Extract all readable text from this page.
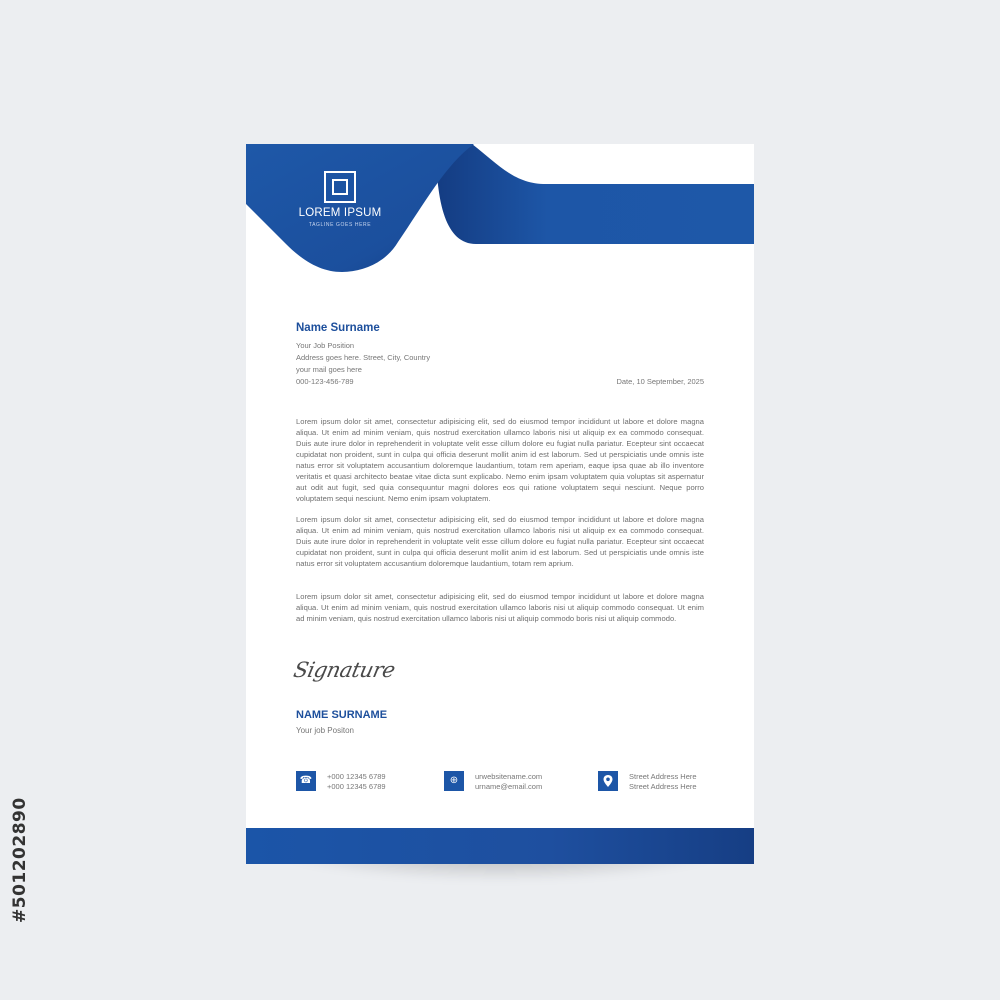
#501202890
LOREM IPSUM
TAGLINE GOES HERE
Name Surname
Your Job Position
Address goes here. Street, City, Country
your mail goes here
000-123-456-789	Date, 10 September, 2025

Lorem ipsum dolor sit amet, consectetur adipisicing elit, sed do eiusmod tempor incididunt ut labore et dolore magna aliqua. Ut enim ad minim veniam, quis nostrud exercitation ullamco laboris nisi ut aliquip ex ea commodo consequat. Duis aute irure dolor in reprehenderit in voluptate velit esse cillum dolore eu fugiat nulla pariatur. Ecepteur sint occaecat cupidatat non proident, sunt in culpa qui officia deserunt mollit anim id est laborum. Sed ut perspiciatis unde omnis iste natus error sit voluptatem accusantium doloremque laudantium, totam rem aperiam, eaque ipsa quae ab illo inventore veritatis et quasi architecto beatae vitae dicta sunt explicabo. Nemo enim ipsam voluptatem quia voluptas sit aspernatur aut odit aut fugit, sed quia consequuntur magni dolores eos qui ratione voluptatem sequi nesciunt. Neque porro voluptatem sequi nesciunt. Nemo enim ipsam voluptatem.

Lorem ipsum dolor sit amet, consectetur adipisicing elit, sed do eiusmod tempor incididunt ut labore et dolore magna aliqua. Ut enim ad minim veniam, quis nostrud exercitation ullamco laboris nisi ut aliquip ex ea commodo consequat. Duis aute irure dolor in reprehenderit in voluptate velit esse cillum dolore eu fugiat nulla pariatur. Ecepteur sint occaecat cupidatat non proident, sunt in culpa qui officia deserunt mollit anim id est laborum. Sed ut perspiciatis unde omnis iste natus error sit voluptatem accusantium doloremque laudantium, totam rem aprium.

Lorem ipsum dolor sit amet, consectetur adipisicing elit, sed do eiusmod tempor incididunt ut labore et dolore magna aliqua. Ut enim ad minim veniam, quis nostrud exercitation ullamco laboris nisi ut aliquip commodo consequat. Ut enim ad minim veniam, quis nostrud exercitation ullamco laboris nisi ut aliquip commodo boris nisi ut aliquip commodo.

Signature
NAME SURNAME
Your job Positon
☎	+000 12345 6789
+000 12345 6789
⊕	urwebsitename.com
urname@email.com
Street Address Here
Street Address Here
